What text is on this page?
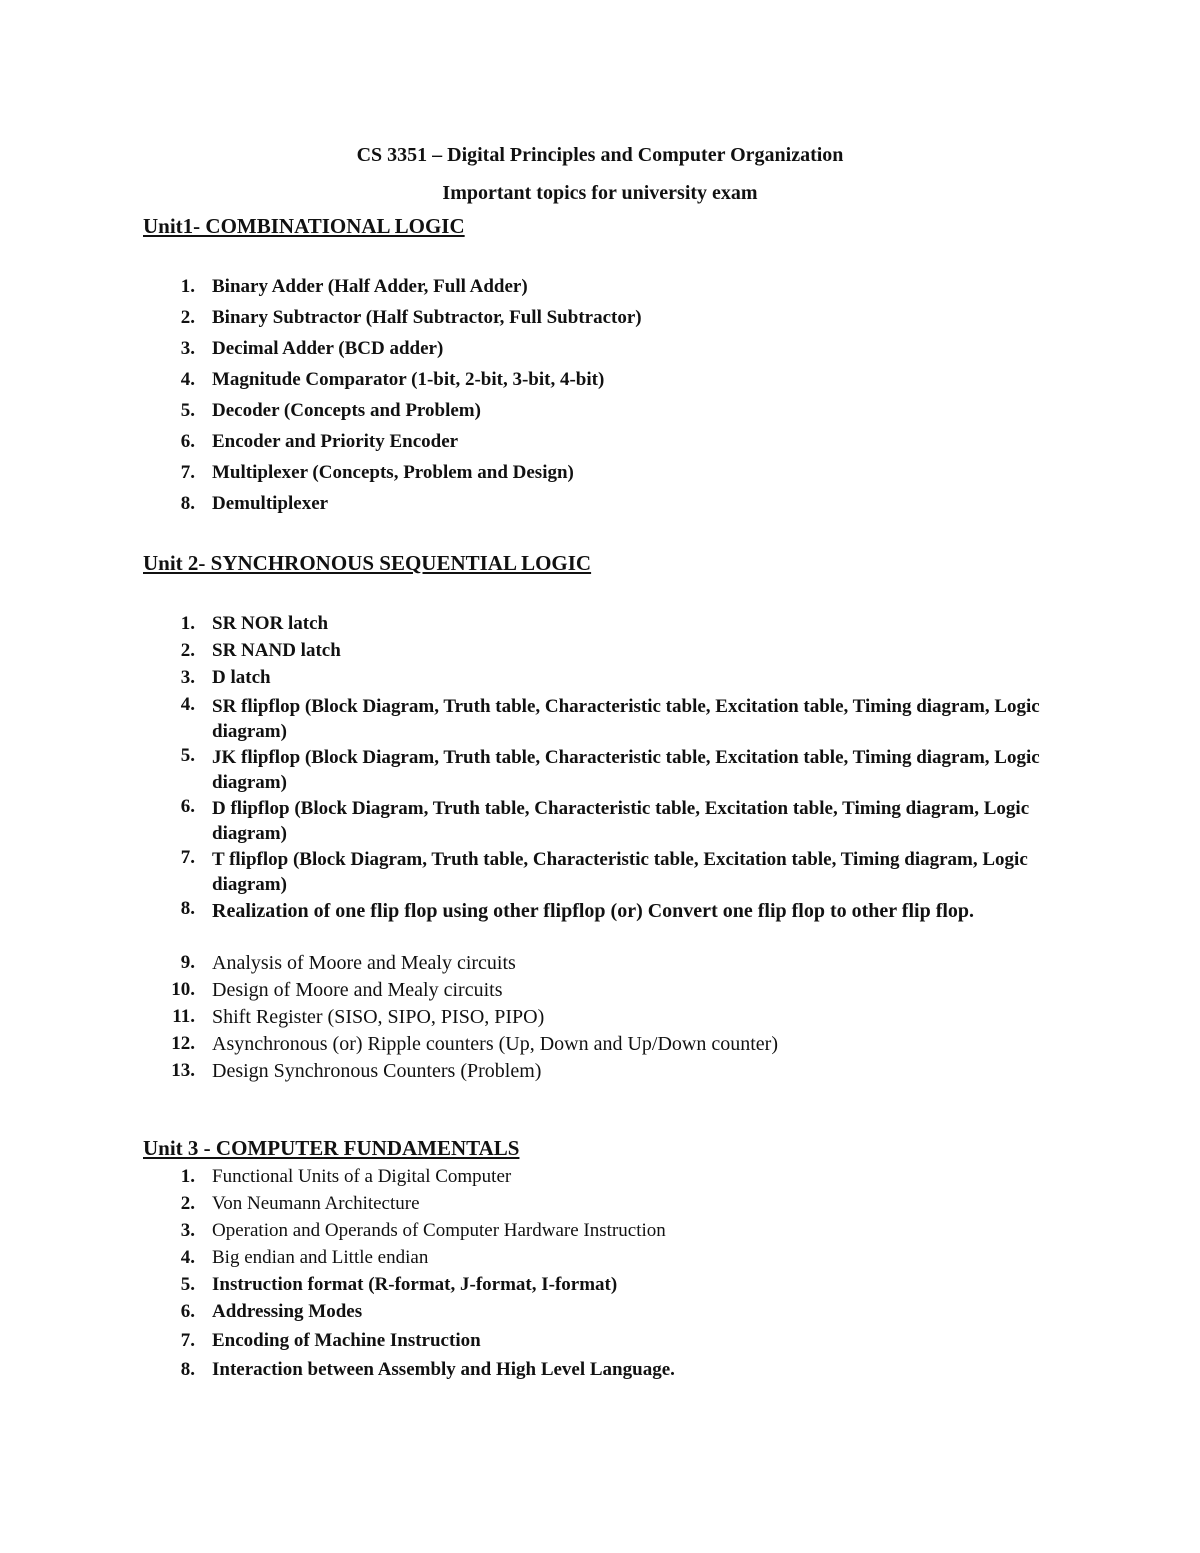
CS 3351 – Digital Principles and Computer Organization
Important topics for university exam
Unit1- COMBINATIONAL LOGIC
1. Binary Adder (Half Adder, Full Adder)
2. Binary Subtractor (Half Subtractor, Full Subtractor)
3. Decimal Adder (BCD adder)
4. Magnitude Comparator (1-bit, 2-bit, 3-bit, 4-bit)
5. Decoder (Concepts and Problem)
6. Encoder and Priority Encoder
7. Multiplexer (Concepts, Problem and Design)
8. Demultiplexer
Unit 2- SYNCHRONOUS SEQUENTIAL LOGIC
1. SR NOR latch
2. SR NAND latch
3. D latch
4. SR flipflop (Block Diagram, Truth table, Characteristic table, Excitation table, Timing diagram, Logic diagram)
5. JK flipflop (Block Diagram, Truth table, Characteristic table, Excitation table, Timing diagram, Logic diagram)
6. D flipflop (Block Diagram, Truth table, Characteristic table, Excitation table, Timing diagram, Logic diagram)
7. T flipflop (Block Diagram, Truth table, Characteristic table, Excitation table, Timing diagram, Logic diagram)
8. Realization of one flip flop using other flipflop (or) Convert one flip flop to other flip flop.
9. Analysis of Moore and Mealy circuits
10. Design of Moore and Mealy circuits
11. Shift Register (SISO, SIPO, PISO, PIPO)
12. Asynchronous (or) Ripple counters (Up, Down and Up/Down counter)
13. Design Synchronous Counters (Problem)
Unit 3 - COMPUTER FUNDAMENTALS
1. Functional Units of a Digital Computer
2. Von Neumann Architecture
3. Operation and Operands of Computer Hardware Instruction
4. Big endian and Little endian
5. Instruction format (R-format, J-format, I-format)
6. Addressing Modes
7. Encoding of Machine Instruction
8. Interaction between Assembly and High Level Language.
